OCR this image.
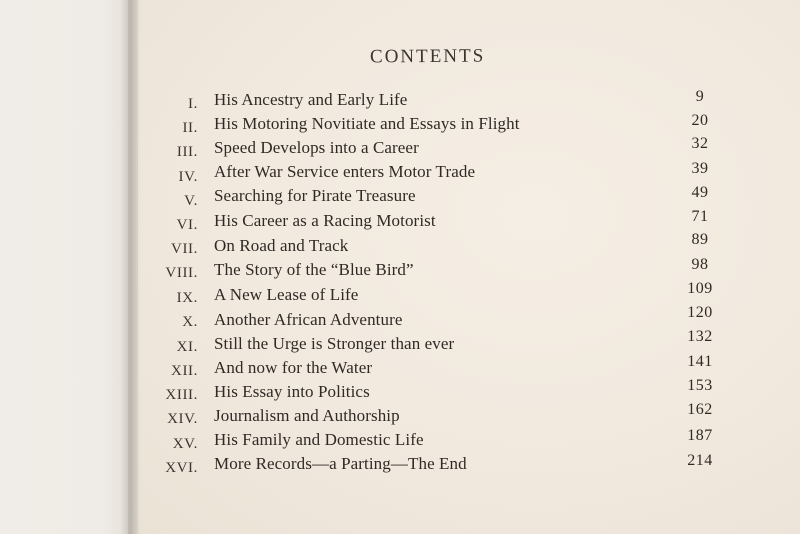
CONTENTS
I. His Ancestry and Early Life	9
II. His Motoring Novitiate and Essays in Flight	20
III. Speed Develops into a Career	32
IV. After War Service enters Motor Trade	39
V. Searching for Pirate Treasure	49
VI. His Career as a Racing Motorist	71
VII. On Road and Track	89
VIII. The Story of the “Blue Bird”	98
IX. A New Lease of Life	109
X. Another African Adventure	120
XI. Still the Urge is Stronger than ever	132
XII. And now for the Water	141
XIII. His Essay into Politics	153
XIV. Journalism and Authorship	162
XV. His Family and Domestic Life	187
XVI. More Records—a Parting—The End	214
